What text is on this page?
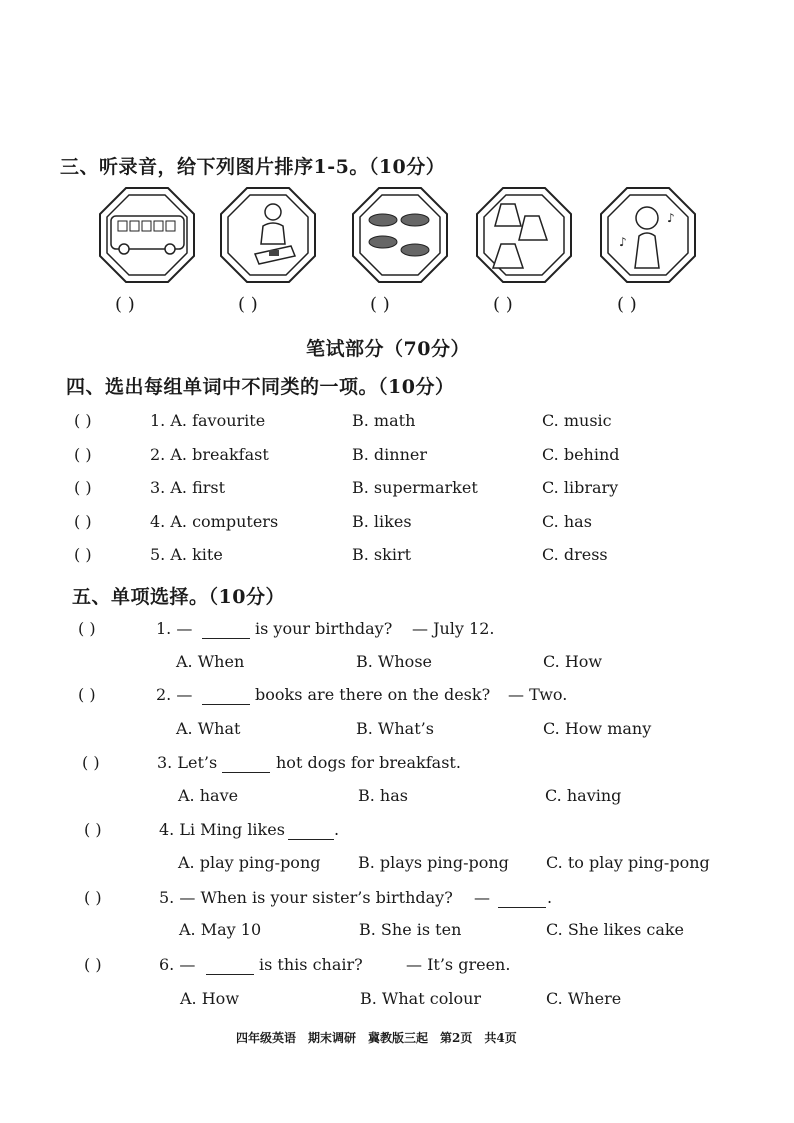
三、听录音，给下列图片排序1-5。（10分）
♪
♪
( )	( )	( )	( )	( )
笔试部分（70分）
四、选出每组单词中不同类的一项。（10分）
( )	1. A. favourite	B. math	C. music
( )	2. A. breakfast	B. dinner	C. behind
( )	3. A. first	B. supermarket	C. library
( )	4. A. computers	B. likes	C. has
( )	5. A. kite	B. skirt	C. dress
五、单项选择。（10分）
( )	1. —	is your birthday? — July 12.
A. When	B. Whose	C. How
( )	2. —	books are there on the desk? — Two.
A. What	B. What’s	C. How many
( )	3. Let’s	hot dogs for breakfast.
A. have	B. has	C. having
( )	4. Li Ming likes	.
A. play ping-pong B. plays ping-pong C. to play ping-pong
( )	5. — When is your sister’s birthday? —	.
A. May 10	B. She is ten	C. She likes cake
( )	6. —	is this chair?	— It’s green.
A. How	B. What colour	C. Where
四年级英语　期末调研　冀教版三起　第2页　共4页
